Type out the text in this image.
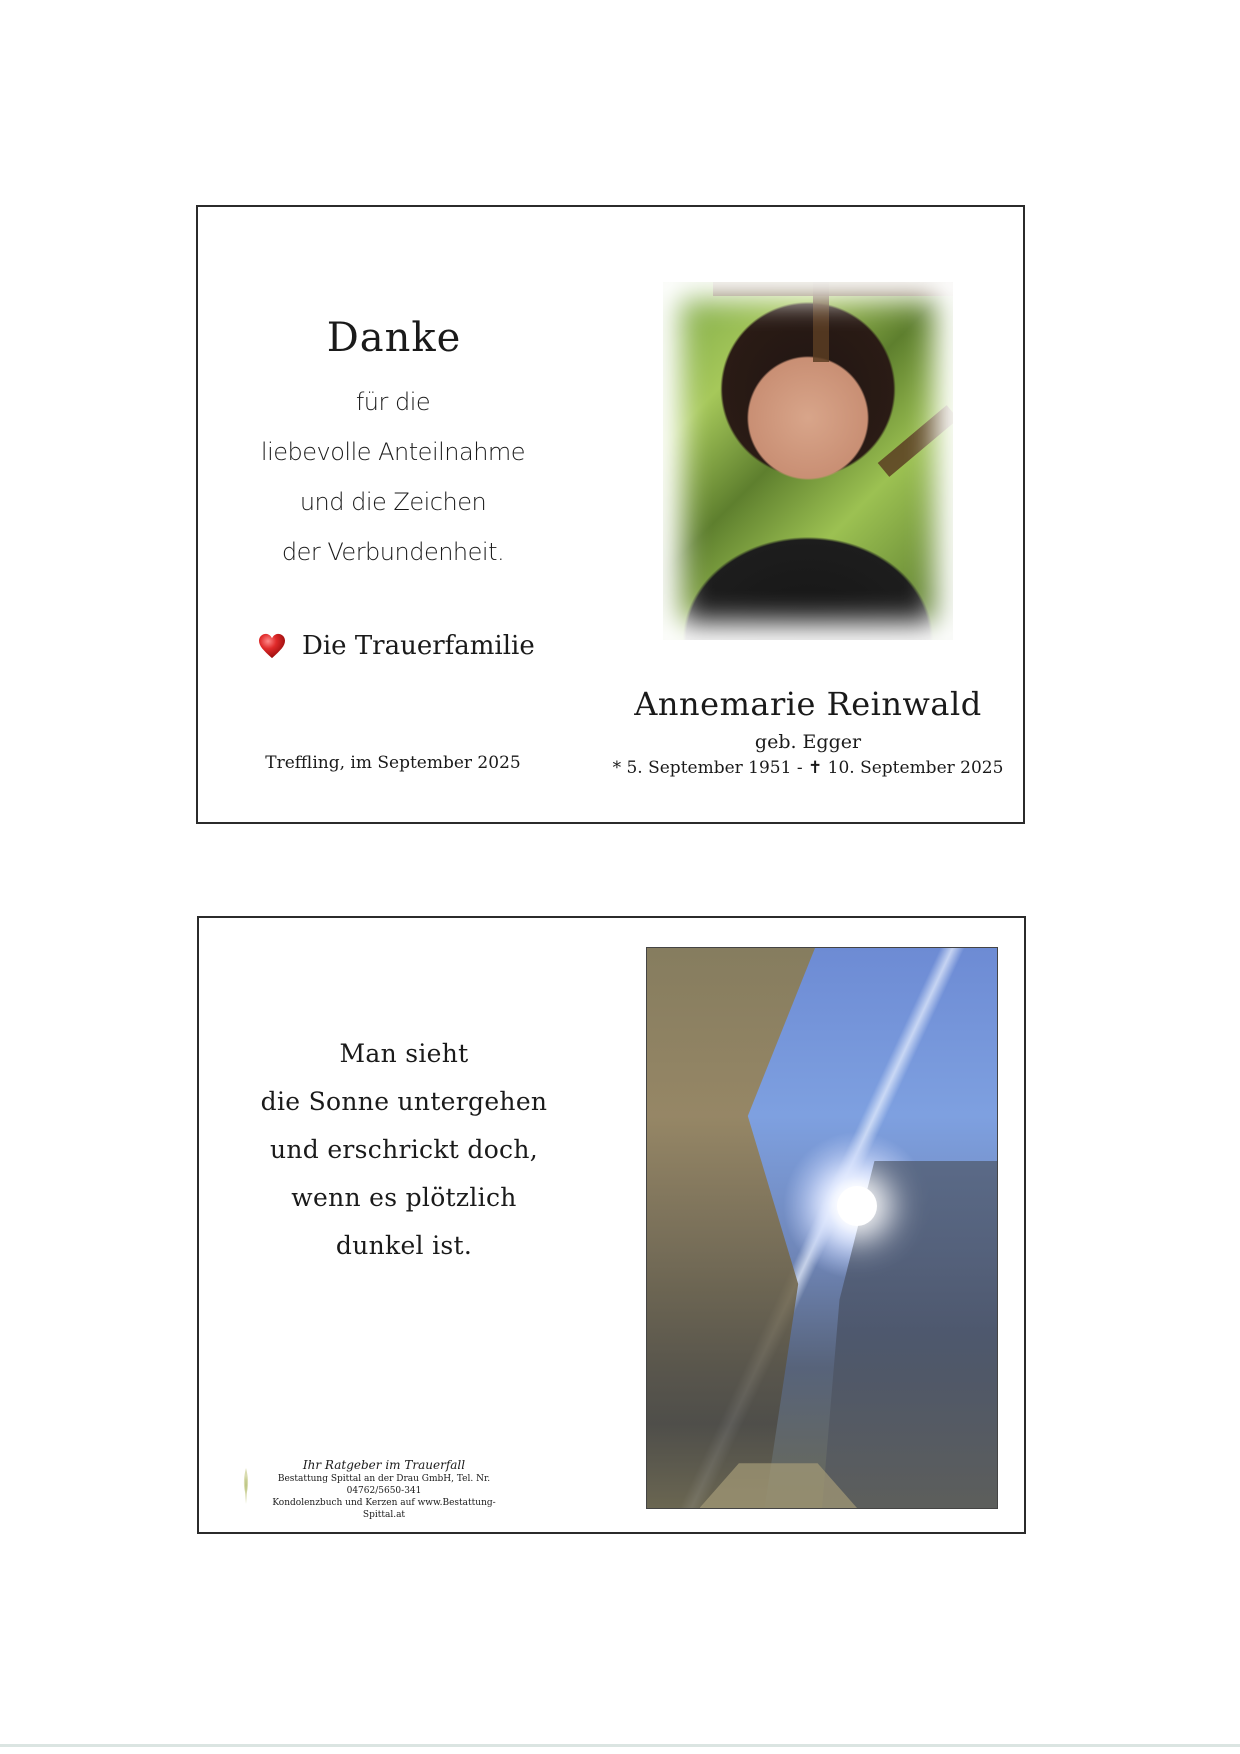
Danke
für die
liebevolle Anteilnahme
und die Zeichen
der Verbundenheit.
Die Trauerfamilie
Treffling, im September 2025
Annemarie Reinwald
geb. Egger
* 5. September 1951 - ✝ 10. September 2025
Man sieht
die Sonne untergehen
und erschrickt doch,
wenn es plötzlich
dunkel ist.
Ihr Ratgeber im Trauerfall
Bestattung Spittal an der Drau GmbH, Tel. Nr. 04762/5650-341
Kondolenzbuch und Kerzen auf www.Bestattung-Spittal.at
